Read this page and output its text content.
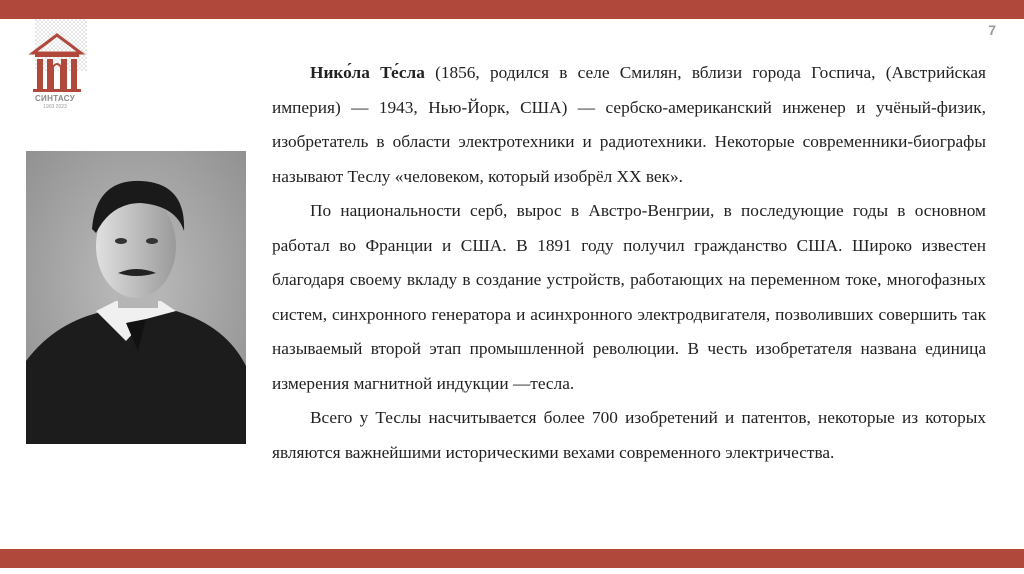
7
СИНТАСУ
1903 2023

Нико́ла Те́сла (1856, родился в селе Смилян, вблизи города Госпича, (Австрийская империя) — 1943, Нью-Йорк, США) — сербско-американский инженер и учёный-физик, изобретатель в области электротехники и радиотехники. Некоторые современники-биографы называют Теслу «человеком, который изобрёл XX век».

По национальности серб, вырос в Австро-Венгрии, в последующие годы в основном работал во Франции и США. В 1891 году получил гражданство США. Широко известен благодаря своему вкладу в создание устройств, работающих на переменном токе, многофазных систем, синхронного генератора и асинхронного электродвигателя, позволивших совершить так называемый второй этап промышленной революции. В честь изобретателя названа единица измерения магнитной индукции —тесла.

Всего у Теслы насчитывается более 700 изобретений и патентов, некоторые из которых являются важнейшими историческими вехами современного электричества.
